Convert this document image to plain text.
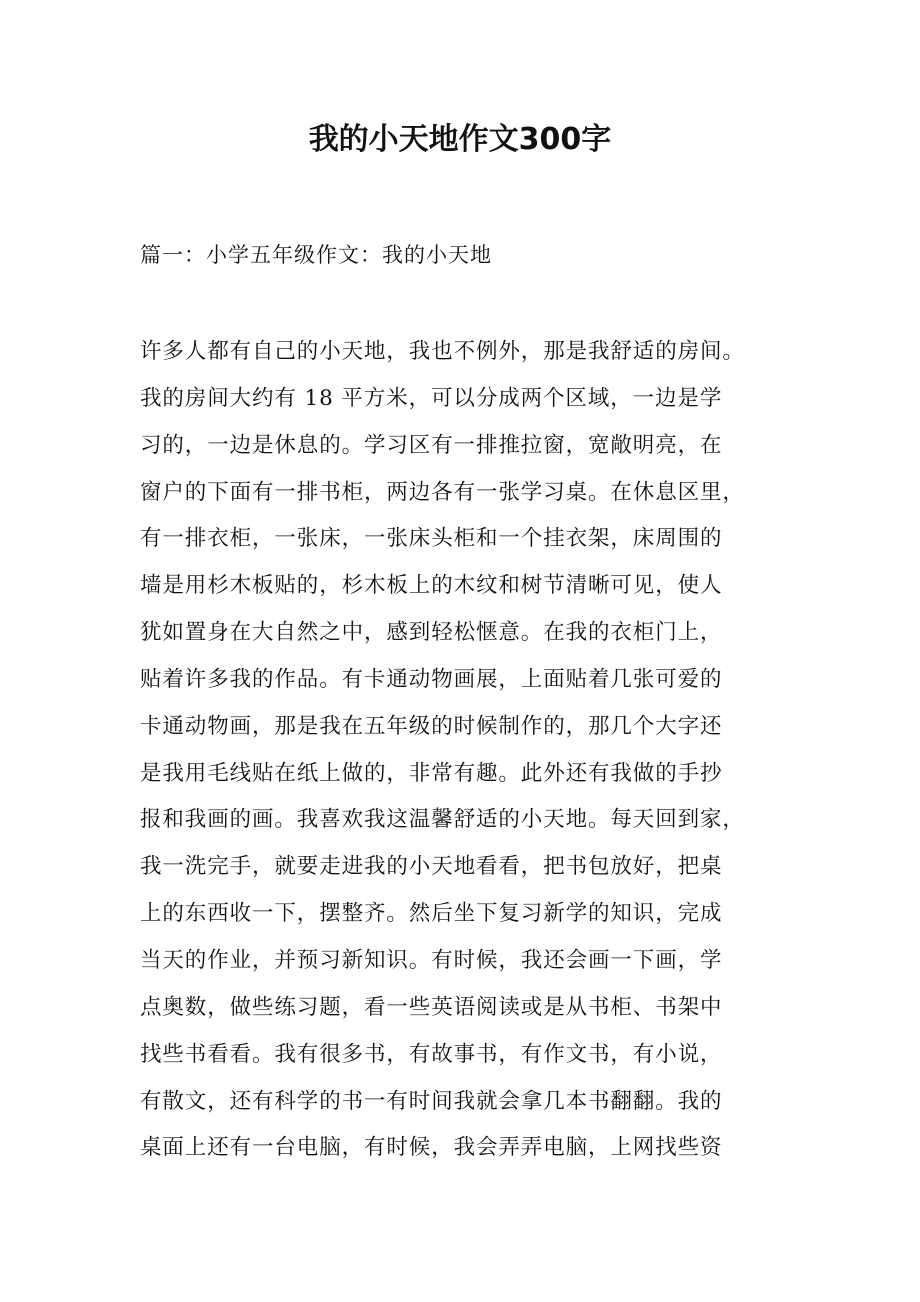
我的小天地作文300字
篇一：小学五年级作文：我的小天地
许多人都有自己的小天地，我也不例外，那是我舒适的房间。
我的房间大约有 18 平方米，可以分成两个区域，一边是学
习的，一边是休息的。学习区有一排推拉窗，宽敞明亮，在
窗户的下面有一排书柜，两边各有一张学习桌。在休息区里，
有一排衣柜，一张床，一张床头柜和一个挂衣架，床周围的
墙是用杉木板贴的，杉木板上的木纹和树节清晰可见，使人
犹如置身在大自然之中，感到轻松惬意。在我的衣柜门上，
贴着许多我的作品。有卡通动物画展，上面贴着几张可爱的
卡通动物画，那是我在五年级的时候制作的，那几个大字还
是我用毛线贴在纸上做的，非常有趣。此外还有我做的手抄
报和我画的画。我喜欢我这温馨舒适的小天地。每天回到家，
我一洗完手，就要走进我的小天地看看，把书包放好，把桌
上的东西收一下，摆整齐。然后坐下复习新学的知识，完成
当天的作业，并预习新知识。有时候，我还会画一下画，学
点奥数，做些练习题，看一些英语阅读或是从书柜、书架中
找些书看看。我有很多书，有故事书，有作文书，有小说，
有散文，还有科学的书一有时间我就会拿几本书翻翻。我的
桌面上还有一台电脑，有时候，我会弄弄电脑，上网找些资
